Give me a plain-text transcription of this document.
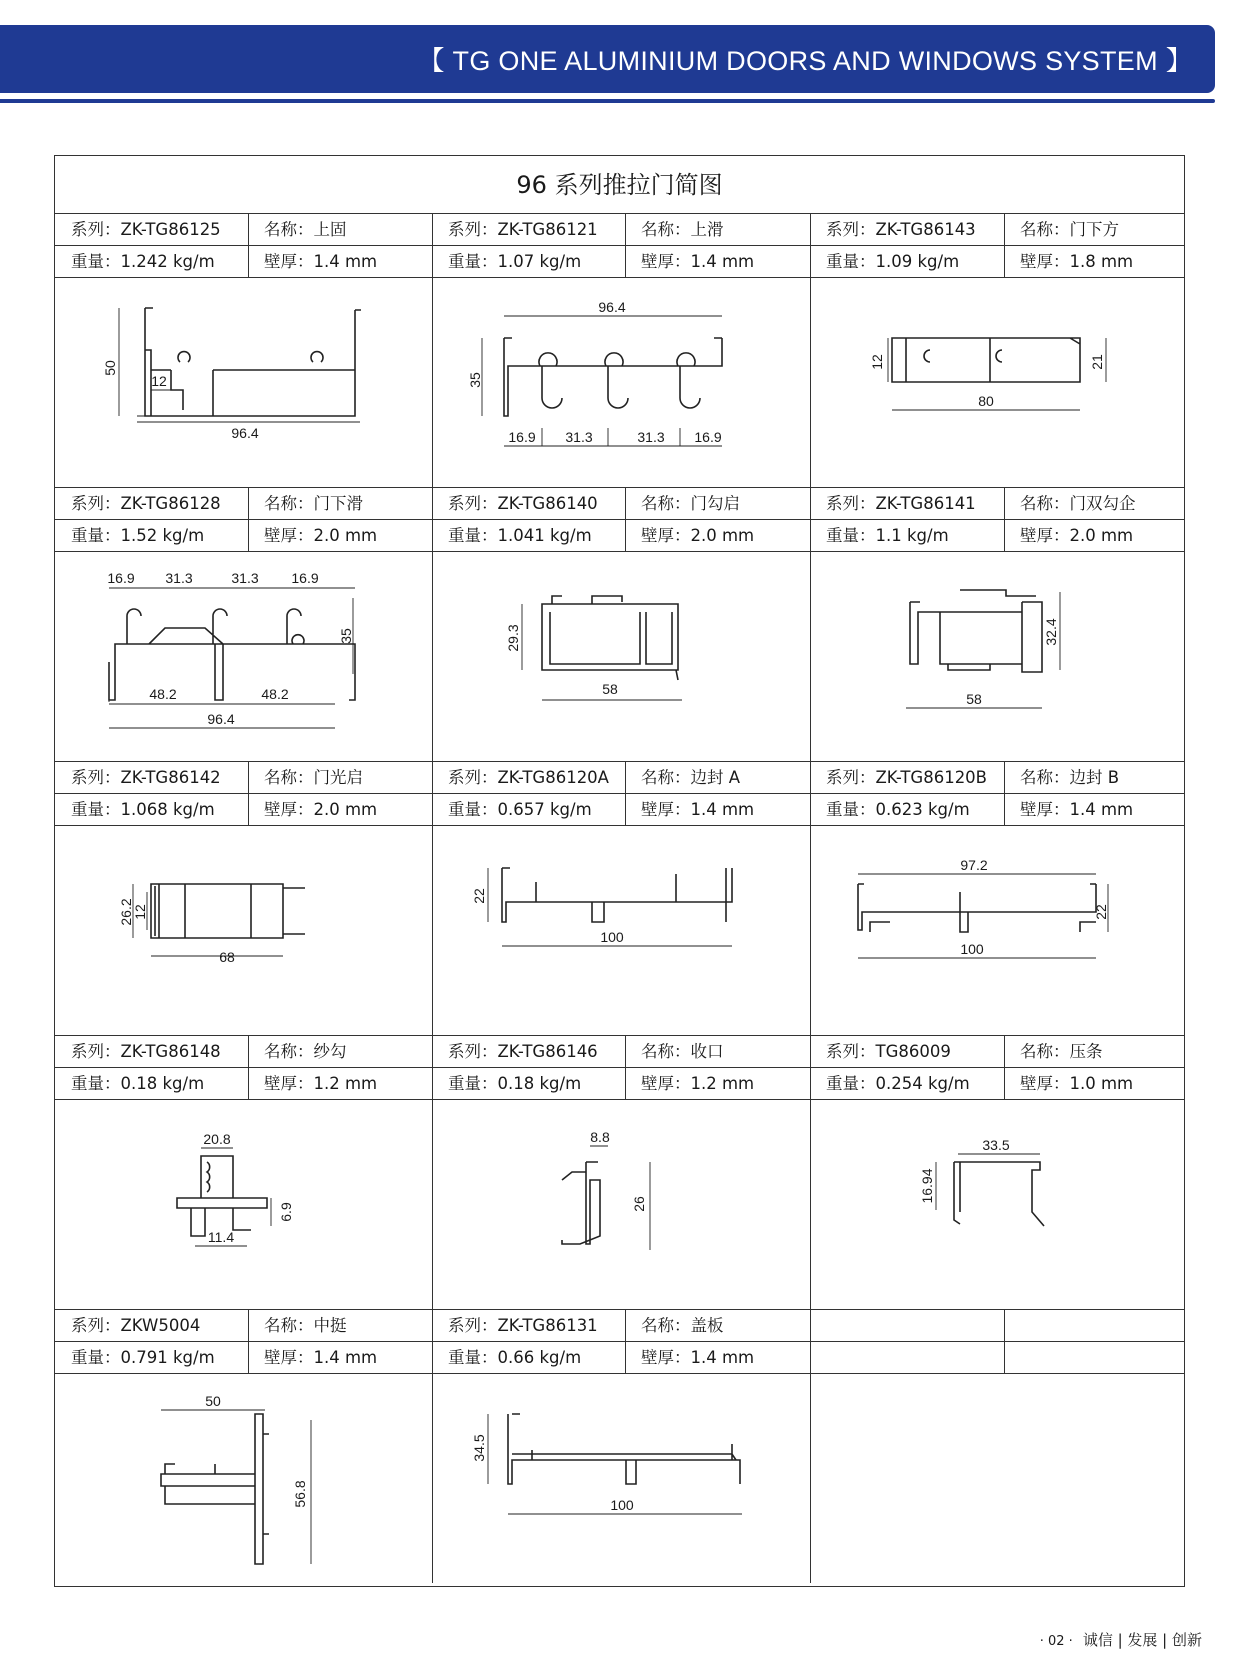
【 TG ONE ALUMINIUM DOORS AND WINDOWS SYSTEM 】
96 系列推拉门简图
系列：ZK-TG86125	名称：上固	系列：ZK-TG86121	名称：上滑	系列：ZK-TG86143	名称：门下方
重量：1.242 kg/m	壁厚：1.4 mm	重量：1.07 kg/m	壁厚：1.4 mm	重量：1.09 kg/m	壁厚：1.8 mm
50
12
96.4
96.4
35
16.9 31.3	31.3 16.9
12	21
80
系列：ZK-TG86128	名称：门下滑	系列：ZK-TG86140	名称：门勾启	系列：ZK-TG86141	名称：门双勾企
重量：1.52 kg/m	壁厚：2.0 mm	重量：1.041 kg/m	壁厚：2.0 mm	重量：1.1 kg/m	壁厚：2.0 mm
16.9 31.3	31.3 16.9
35
48.2	48.2
96.4
29.3
58
32.4
58
系列：ZK-TG86142	名称：门光启	系列：ZK-TG86120A	名称：边封 A	系列：ZK-TG86120B	名称：边封 B
重量：1.068 kg/m	壁厚：2.0 mm	重量：0.657 kg/m	壁厚：1.4 mm	重量：0.623 kg/m	壁厚：1.4 mm
26.2
12
68
22
100
97.2
22
100
系列：ZK-TG86148	名称：纱勾	系列：ZK-TG86146	名称：收口	系列：TG86009	名称：压条
重量：0.18 kg/m	壁厚：1.2 mm	重量：0.18 kg/m	壁厚：1.2 mm	重量：0.254 kg/m	壁厚：1.0 mm
20.8
6.9
11.4
8.8
26
33.5
16.94
系列：ZKW5004	名称：中挺	系列：ZK-TG86131	名称：盖板
重量：0.791 kg/m	壁厚：1.4 mm	重量：0.66 kg/m	壁厚：1.4 mm
50
56.8
34.5
100
· 02 · 诚信 | 发展 | 创新
